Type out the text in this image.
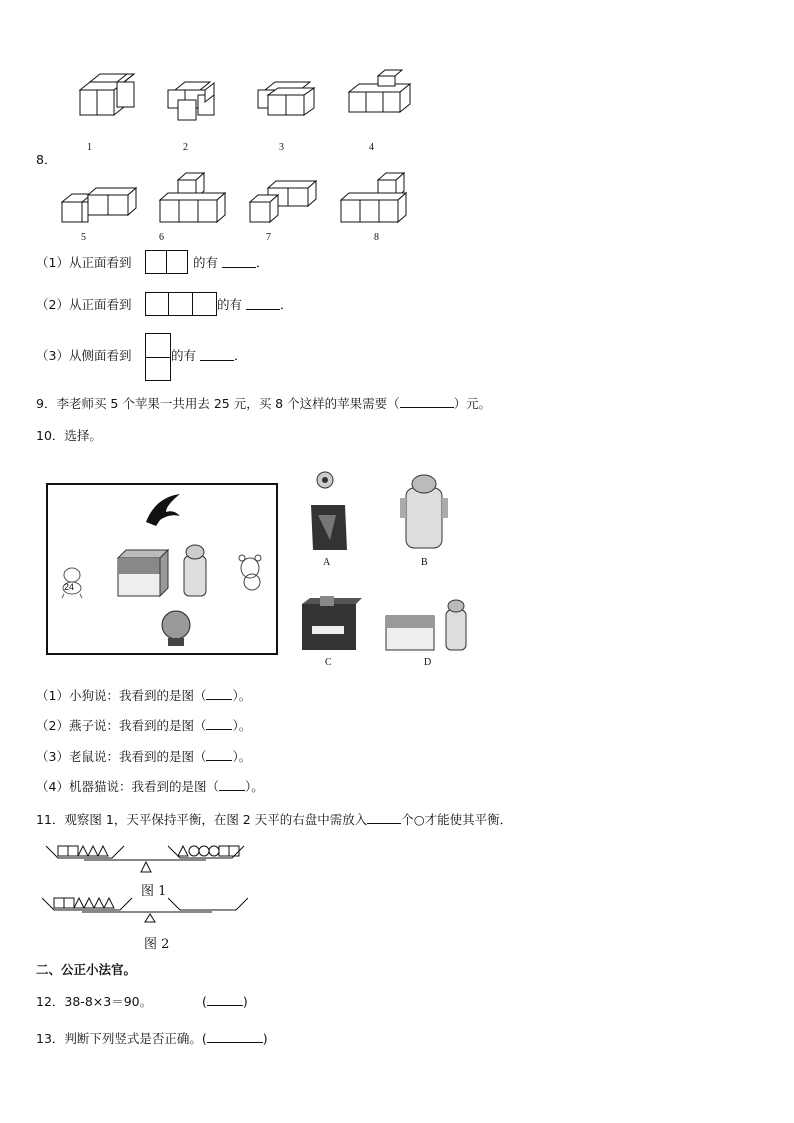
1	2	3	4
8．
5	6	7	8
（1）从正面看到	的有	．
（2）从正面看到	的有	．
（3）从侧面看到	的有	．
9．李老师买 5 个苹果一共用去 25 元，买 8 个这样的苹果需要（	）元。
10．选择。
24
A	B
C	D
（1）小狗说：我看到的是图（ ）。
（2）燕子说：我看到的是图（ ）。
（3）老鼠说：我看到的是图（ ）。
（4）机器猫说：我看到的是图（ ）。
11．观察图 1，天平保持平衡，在图 2 天平的右盘中需放入	个○才能使其平衡．
图 1
图 2
二、公正小法官。
12．38-8×3＝90。	(	)
13．判断下列竖式是否正确。(	)
